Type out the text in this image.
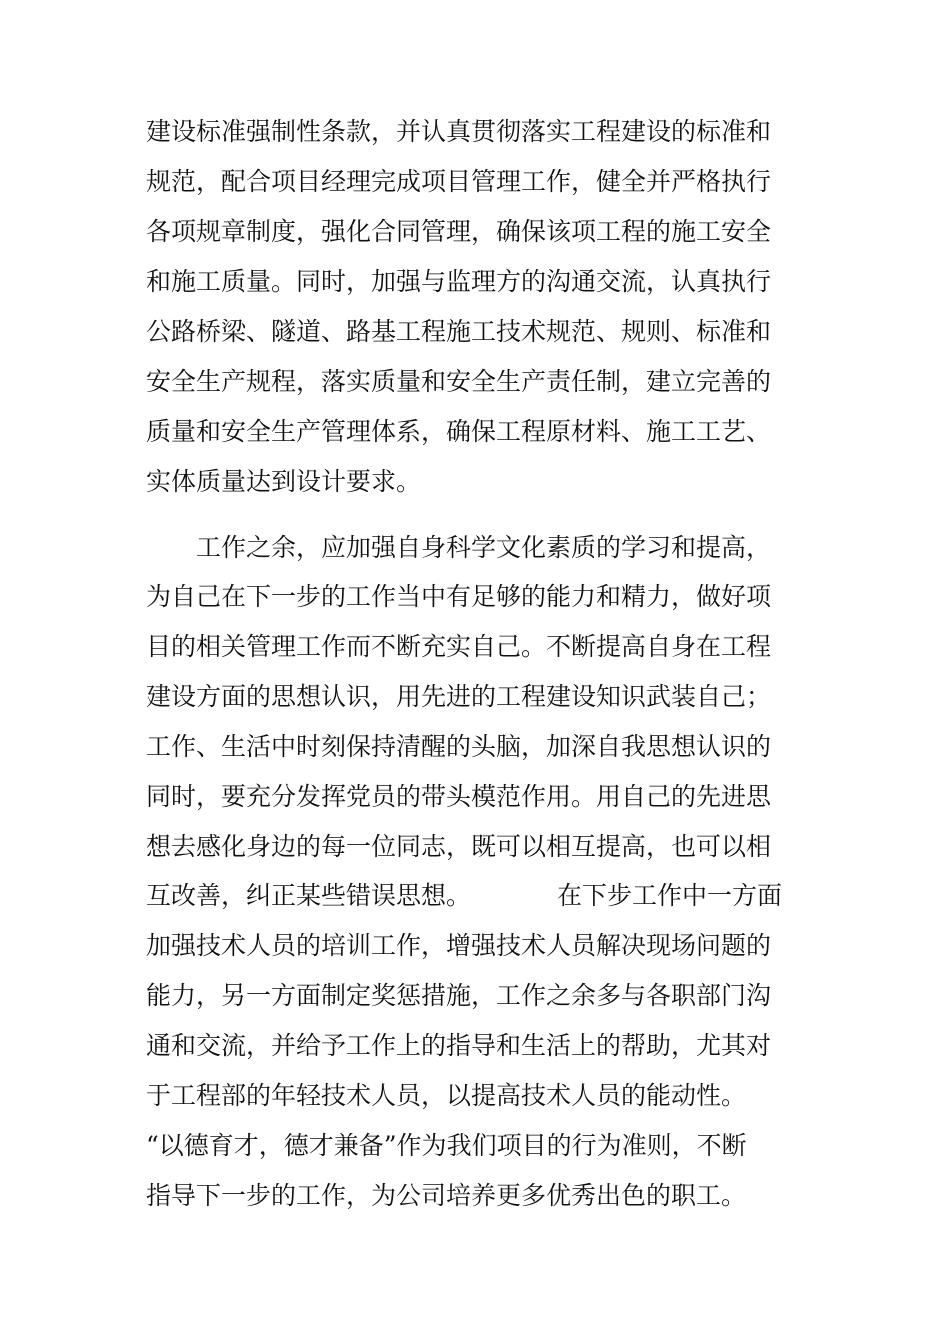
建设标准强制性条款，并认真贯彻落实工程建设的标准和
规范，配合项目经理完成项目管理工作，健全并严格执行
各项规章制度，强化合同管理，确保该项工程的施工安全
和施工质量。同时，加强与监理方的沟通交流，认真执行
公路桥梁、隧道、路基工程施工技术规范、规则、标准和
安全生产规程，落实质量和安全生产责任制，建立完善的
质量和安全生产管理体系，确保工程原材料、施工工艺、
实体质量达到设计要求。
工作之余，应加强自身科学文化素质的学习和提高，
为自己在下一步的工作当中有足够的能力和精力，做好项
目的相关管理工作而不断充实自己。不断提高自身在工程
建设方面的思想认识，用先进的工程建设知识武装自己；
工作、生活中时刻保持清醒的头脑，加深自我思想认识的
同时，要充分发挥党员的带头模范作用。用自己的先进思
想去感化身边的每一位同志，既可以相互提高，也可以相
互改善，纠正某些错误思想。	在下步工作中一方面
加强技术人员的培训工作，增强技术人员解决现场问题的
能力，另一方面制定奖惩措施，工作之余多与各职部门沟
通和交流，并给予工作上的指导和生活上的帮助，尤其对
于工程部的年轻技术人员，以提高技术人员的能动性。
“以德育才，德才兼备”作为我们项目的行为准则，不断
指导下一步的工作，为公司培养更多优秀出色的职工。
